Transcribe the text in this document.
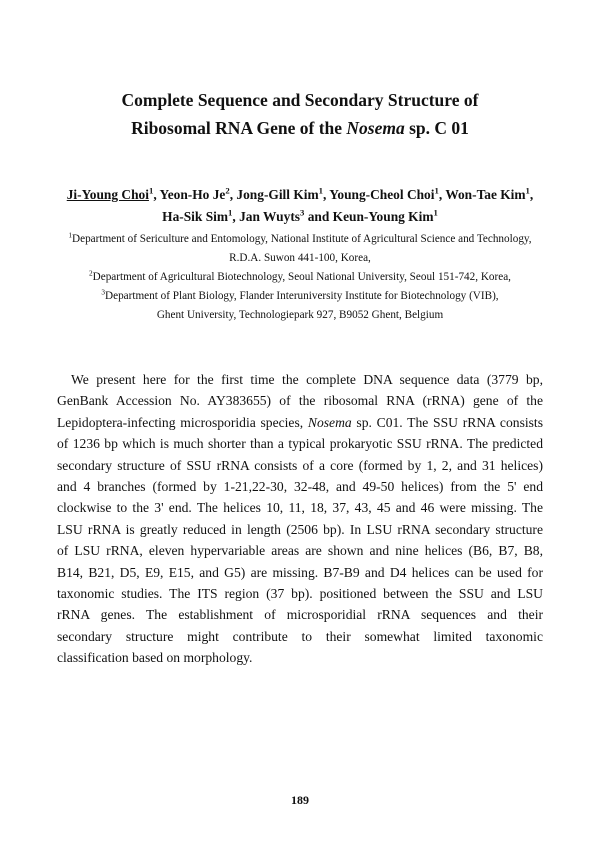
Complete Sequence and Secondary Structure of
Ribosomal RNA Gene of the Nosema sp. C 01
Ji-Young Choi$^1$, Yeon-Ho Je$^2$, Jong-Gill Kim$^1$, Young-Cheol Choi$^1$, Won-Tae Kim$^1$,
Ha-Sik Sim$^1$, Jan Wuyts$^3$ and Keun-Young Kim$^1$
$^1$Department of Sericulture and Entomology, National Institute of Agricultural Science and Technology,
R.D.A. Suwon 441-100, Korea,
$^2$Department of Agricultural Biotechnology, Seoul National University, Seoul 151-742, Korea,
$^3$Department of Plant Biology, Flander Interuniversity Institute for Biotechnology (VIB),
Ghent University, Technologiepark 927, B9052 Ghent, Belgium
We present here for the first time the complete DNA sequence data (3779 bp,
GenBank Accession No. AY383655) of the ribosomal RNA (rRNA) gene of the
Lepidoptera-infecting microsporidia species, Nosema sp. C01. The SSU rRNA consists
of 1236 bp which is much shorter than a typical prokaryotic SSU rRNA. The predicted
secondary structure of SSU rRNA consists of a core (formed by 1, 2, and 31 helices)
and 4 branches (formed by 1-21,22-30, 32-48, and 49-50 helices) from the 5' end
clockwise to the 3' end. The helices 10, 11, 18, 37, 43, 45 and 46 were missing. The
LSU rRNA is greatly reduced in length (2506 bp). In LSU rRNA secondary structure
of LSU rRNA, eleven hypervariable areas are shown and nine helices (B6, B7, B8,
B14, B21, D5, E9, E15, and G5) are missing. B7-B9 and D4 helices can be used for
taxonomic studies. The ITS region (37 bp). positioned between the SSU and LSU
rRNA genes. The establishment of microsporidial rRNA sequences and their
secondary structure might contribute to their somewhat limited taxonomic
classification based on morphology.
189
